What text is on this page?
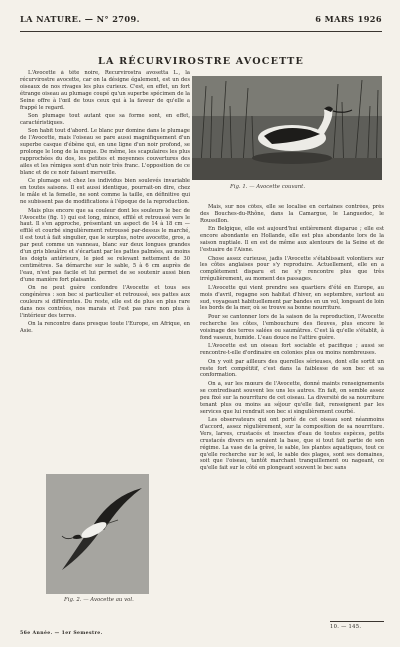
LA NATURE. — N° 2709.	6 MARS 1926
LA RÉCURVIROSTRE AVOCETTE

L'Avocette à tête noire, Recurvirostra avosetta L., la récurvirostre avocette, car on la désigne également, est un des oiseaux de nos rivages les plus curieux. C'est, en effet, un fort étrange oiseau au plumage coupé qu'un superbe spécimen de la Seine offre à l'œil de tous ceux qui à la faveur de qu'elle a frappé le regard.

Son plumage tout autant que sa forme sont, en effet, caractéristiques.

Son habit tout d'abord. Le blanc pur domine dans le plumage de l'Avocette, mais l'oiseau se pare aussi magnifiquement d'un superbe casque d'ébène qui, en une ligne d'un noir profond, se prolonge le long de la nuque. De même, les scapulaires les plus rapprochées du dos, les petites et moyennes couvertures des ailes et les rémiges sont d'un noir très franc. L'opposition de ce blanc et de ce noir faisant merveille.

Ce plumage est chez les individus bien soulevés invariable en toutes saisons. Il est aussi identique, pourrait-on dire, chez le mâle et la femelle, ne sont comme la taille, en définitive qui ne subissent pas de modifications à l'époque de la reproduction.

Mais plus encore que sa couleur dont les souleurs le bec de l'Avocette (fig. 1) qui est long, mince, effilé et retroussé vers le haut. Il s'en approche, présentant un aspect de 14 à 18 cm — effilé et courbé singulièrement retroussé par-dessus le marché, il est tout à fait singulier, que le surplus, notre avocette, gros, a par peut comme un vanneau, blanc sur deux longues grandes d'un gris bleuâtre et s'écartant par les pattes palmées, au moins les doigts antérieurs, le pied se relevant nettement de 30 centimètres. Sa démarche sur le sable, 5 à 6 cm auprès de l'eau, n'est pas facile et lui permet de se soutenir aussi bien d'une manière fort plaisante.

On ne peut guère confondre l'Avocette et tous ses congénères : son bec si particulier et retroussé, ses pattes aux couleurs si différentes. Du reste, elle est de plus en plus rare dans nos contrées, nos marais et l'est pas rare non plus à l'intérieur des terres.

On la rencontre dans presque toute l'Europe, en Afrique, en Asie.

Fig. 1. — Avocette couvant.

Mais, sur nos côtes, elle se localise en certaines contrées, près des Bouches-du-Rhône, dans la Camargue, le Languedoc, le Roussillon.

En Belgique, elle est aujourd'hui entièrement disparue ; elle est encore abondante en Hollande, elle est plus abondante lors de la saison nuptiale. Il en est de même aux alentours de la Seine et de l'estuaire de l'Aisne.

Chose assez curieuse, jadis l'Avocette s'établissait volontiers sur les côtes anglaises pour s'y reproduire. Actuellement, elle en a complètement disparu et ne s'y rencontre plus que très irrégulièrement, au moment des passages.

L'Avocette qui vient prendre ses quartiers d'été en Europe, au mois d'avril, regagne son habitat d'hiver, en septembre, surtout au sud, voyageant habituellement par bandes en un vol, longeant de loin les bords de la mer, où se trouve sa bonne nourriture.

Pour se cantonner lors de la saison de la reproduction, l'Avocette recherche les côtes, l'embouchure des fleuves, plus encore le voisinage des terres salées ou saumâtres. C'est là qu'elle s'établit, à fond vaseux, humide. L'eau douce ne l'attire guère.

L'Avocette est un oiseau fort sociable et pacifique ; aussi se rencontre-t-elle d'ordinaire en colonies plus ou moins nombreuses.

On y voit par ailleurs des querelles sérieuses, dont elle sortit un reste fort compétitif, c'est dans la faiblesse de son bec et sa conformation.

On a, sur les mœurs de l'Avocette, donné maints renseignements se contredisant souvent les uns les autres. En fait, on semble assez peu fixé sur la nourriture de cet oiseau. La diversité de sa nourriture tenant plus ou moins au séjour qu'elle fait, renseignent par les services que lui rendrait son bec si singulièrement courbé.

Les observateurs qui ont porté de cet oiseau sont néanmoins d'accord, assez régulièrement, sur la composition de sa nourriture. Vers, larves, crustacés et insectes d'eau de toutes espèces, petits crustacés divers en seraient la base, que si tout fait partie de son régime. La vase de la grève, le sable, les plantes aquatiques, tout ce qu'elle recherche sur le sol, le sable des plages, sont ses domaines, soit que l'oiseau, tantôt marchant tranquillement ou nageant, ce qu'elle fait sur le côté en plongeant souvent le bec sans

Fig. 2. — Avocette au vol.
56e Année. — 1er Semestre.
10. — 145.
